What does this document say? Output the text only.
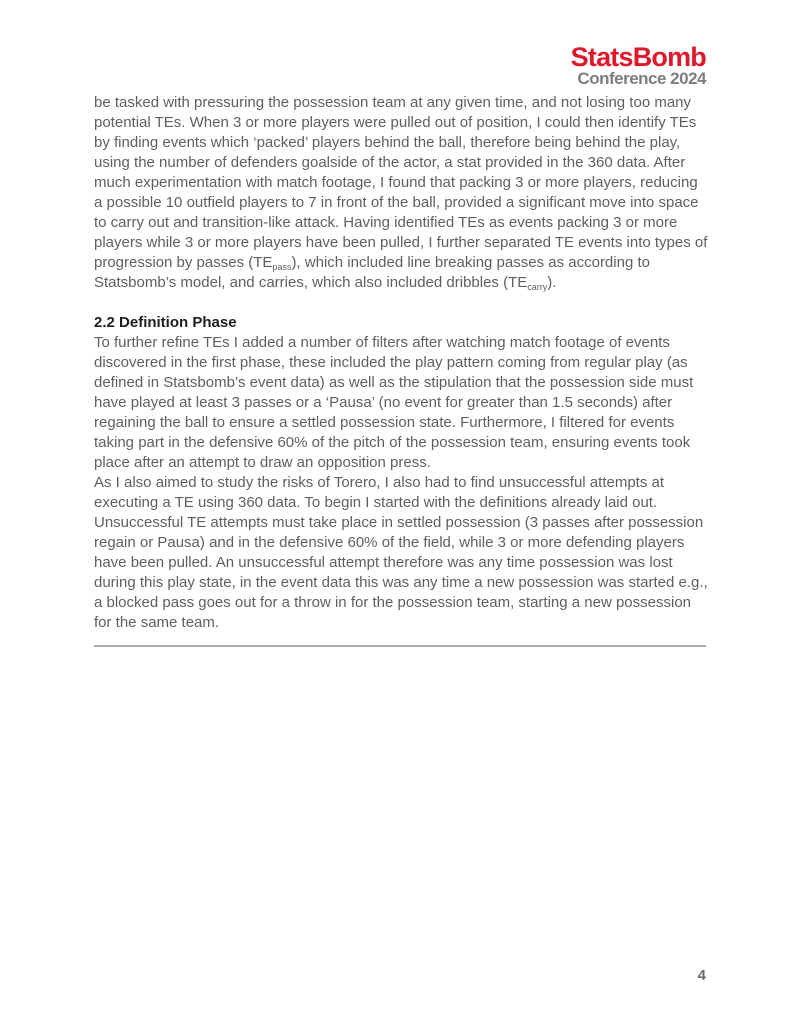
StatsBomb
Conference 2024

be tasked with pressuring the possession team at any given time, and not losing too many potential TEs. When 3 or more players were pulled out of position, I could then identify TEs by finding events which ‘packed’ players behind the ball, therefore being behind the play, using the number of defenders goalside of the actor, a stat provided in the 360 data. After much experimentation with match footage, I found that packing 3 or more players, reducing a possible 10 outfield players to 7 in front of the ball, provided a significant move into space to carry out and transition-like attack. Having identified TEs as events packing 3 or more players while 3 or more players have been pulled, I further separated TE events into types of progression by passes $(TE_{pass})$, which included line breaking passes as according to Statsbomb’s model, and carries, which also included dribbles $(TE_{carry})$.

2.2 Definition Phase

To further refine TEs I added a number of filters after watching match footage of events discovered in the first phase, these included the play pattern coming from regular play (as defined in Statsbomb’s event data) as well as the stipulation that the possession side must have played at least 3 passes or a ‘Pausa’ (no event for greater than 1.5 seconds) after regaining the ball to ensure a settled possession state. Furthermore, I filtered for events taking part in the defensive 60% of the pitch of the possession team, ensuring events took place after an attempt to draw an opposition press.

As I also aimed to study the risks of Torero, I also had to find unsuccessful attempts at executing a TE using 360 data. To begin I started with the definitions already laid out. Unsuccessful TE attempts must take place in settled possession (3 passes after possession regain or Pausa) and in the defensive 60% of the field, while 3 or more defending players have been pulled. An unsuccessful attempt therefore was any time possession was lost during this play state, in the event data this was any time a new possession was started e.g., a blocked pass goes out for a throw in for the possession team, starting a new possession for the same team.

4
